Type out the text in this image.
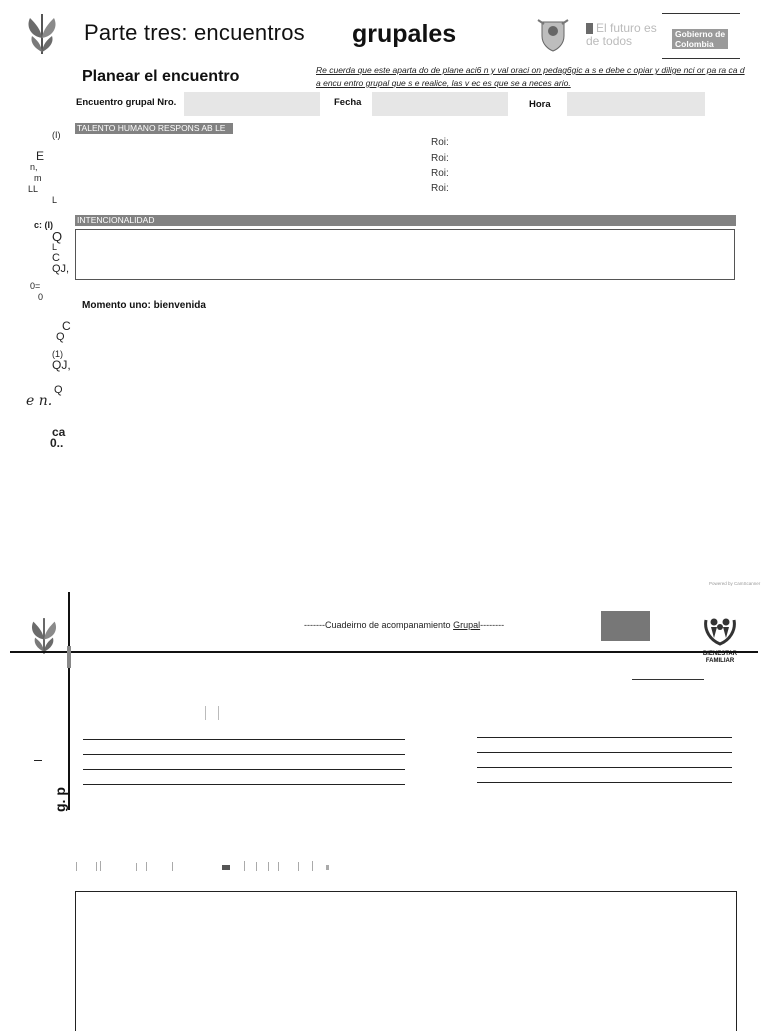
Parte tres: encuentros grupales	El futuro es de todos	Gobierno de Colombia
Planear el encuentro	Re cuerda que este aparta do de plane aci6 n y val oraci on pedag6gic a s e debe c opiar y dilige nci or pa ra ca d a encu entro grupal que s e realice, las v ec es que se a neces ario.
Encuentro grupal Nro.	Fecha	Hora
TALENTO HUMANO RESPONS AB LE
Roi:
Roi:
Roi:
Roi:
INTENCIONALIDAD
Momento uno: bienvenida
(I)
E
n,
m
LL
L
c: (I)
Q
L
C
QJ,
0=
0
C
Q
(1)
QJ,
Q
e n.
ca
0..
Powered by CamScanner
-------Cuadeirno de acompanamiento Grupal--------
BIENESTAR FAMILIAR
g. p
